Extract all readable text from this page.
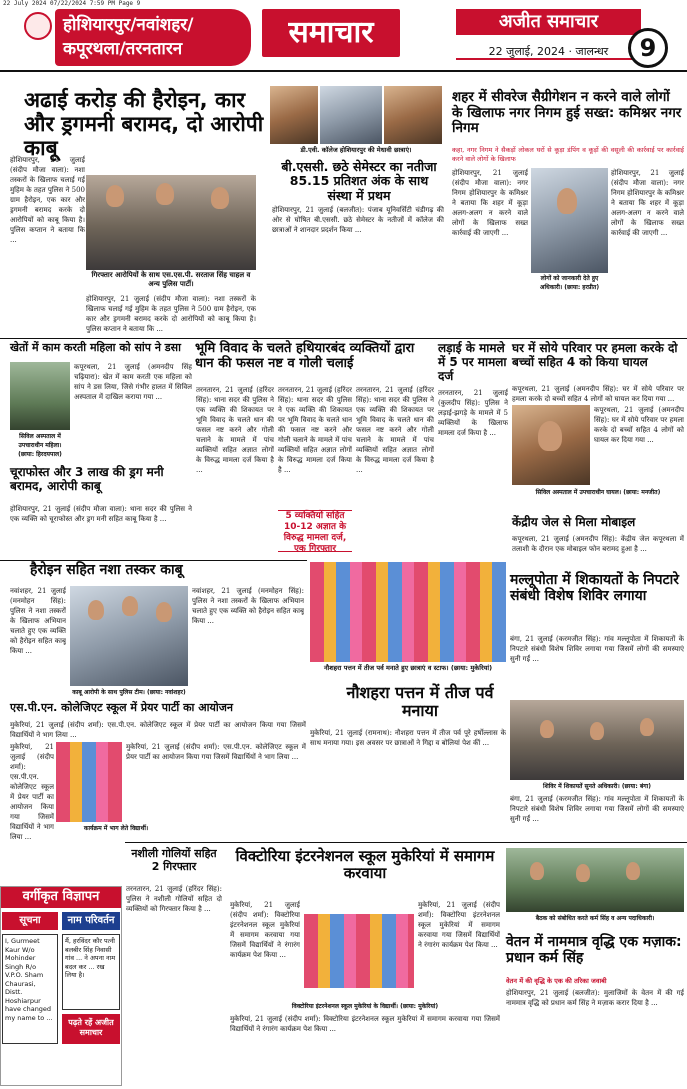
22 July 2024 07/22/2024 7:59 PM Page 9
होशियारपुर/नवांशहर/
कपूरथला/तरनतारन	समाचार	अजीत समाचार
22 जुलाई, 2024 · जालन्धर	9
अढाई करोड़ की हैरोइन, कार और ड्रगमनी बरामद, दो आरोपी काबू
होशियारपुर, 21 जुलाई (संदीप मौजा वाला): नशा तस्करों के खिलाफ चलाई गई मुहिम के तहत पुलिस ने 500 ग्राम हैरोइन, एक कार और ड्रगमनी बरामद करके दो आरोपियों को काबू किया है। पुलिस कप्तान ने बताया कि ...
गिरफ्तार आरोपियों के साथ एस.एस.पी. सरताज सिंह चाहल व अन्य पुलिस पार्टी।
होशियारपुर, 21 जुलाई (संदीप मौजा वाला): नशा तस्करों के खिलाफ चलाई गई मुहिम के तहत पुलिस ने 500 ग्राम हैरोइन, एक कार और ड्रगमनी बरामद करके दो आरोपियों को काबू किया है। पुलिस कप्तान ने बताया कि ...
डी.एवी. कॉलेज होशियारपुर की मेधावी छात्राएं।
बी.एससी. छठे सेमेस्टर का नतीजा 85.15 प्रतिशत अंक के साथ संस्था में प्रथम
होशियारपुर, 21 जुलाई (बलजीत): पंजाब यूनिवर्सिटी चंडीगढ़ की ओर से घोषित बी.एससी. छठे सेमेस्टर के नतीजों में कॉलेज की छात्राओं ने शानदार प्रदर्शन किया ...
शहर में सीवरेज सैग्रीगेशन न करने वाले लोगों के खिलाफ नगर निगम हुई सख्त: कमिश्नर नगर निगम
कहा, नगर निगम ने सैकड़ों लोकल घरों से कूड़ा डंपिंग व कूड़ों की वसूली की कार्रवाई पर कार्रवाई करने वाले लोगों के खिलाफ
होशियारपुर, 21 जुलाई (संदीप मौजा वाला): नगर निगम होशियारपुर के कमिश्नर ने बताया कि शहर में कूड़ा अलग-अलग न करने वाले लोगों के खिलाफ सख्त कार्रवाई की जाएगी ...
लोगों को जानकारी देते हुए अधिकारी। (छाया: हरप्रीत)
होशियारपुर, 21 जुलाई (संदीप मौजा वाला): नगर निगम होशियारपुर के कमिश्नर ने बताया कि शहर में कूड़ा अलग-अलग न करने वाले लोगों के खिलाफ सख्त कार्रवाई की जाएगी ...
खेतों में काम करती महिला को सांप ने डसा
सिविल अस्पताल में उपचाराधीन महिला। (छाया: हिरदयपाल)
कपूरथला, 21 जुलाई (अमनदीप सिंह चढ़ियारा): खेत में काम करती एक महिला को सांप ने डस लिया, जिसे गंभीर हालत में सिविल अस्पताल में दाखिल कराया गया ...
भूमि विवाद के चलते हथियारबंद व्यक्तियों द्वारा धान की फसल नष्ट व गोली चलाई
तरनतारन, 21 जुलाई (हरिंदर सिंह): थाना सदर की पुलिस ने एक व्यक्ति की शिकायत पर भूमि विवाद के चलते धान की फसल नष्ट करने और गोली चलाने के मामले में पांच व्यक्तियों सहित अज्ञात लोगों के विरुद्ध मामला दर्ज किया है ...
5 व्यक्तियों सहित 10-12 अज्ञात के विरुद्ध मामला दर्ज, एक गिरफ्तार
तरनतारन, 21 जुलाई (हरिंदर सिंह): थाना सदर की पुलिस ने एक व्यक्ति की शिकायत पर भूमि विवाद के चलते धान की फसल नष्ट करने और गोली चलाने के मामले में पांच व्यक्तियों सहित अज्ञात लोगों के विरुद्ध मामला दर्ज किया है ...
तरनतारन, 21 जुलाई (हरिंदर सिंह): थाना सदर की पुलिस ने एक व्यक्ति की शिकायत पर भूमि विवाद के चलते धान की फसल नष्ट करने और गोली चलाने के मामले में पांच व्यक्तियों सहित अज्ञात लोगों के विरुद्ध मामला दर्ज किया है ...
लड़ाई के मामले में 5 पर मामला दर्ज
तरनतारन, 21 जुलाई (कुलदीप सिंह): पुलिस ने लड़ाई-झगड़े के मामले में 5 व्यक्तियों के खिलाफ मामला दर्ज किया है ...
घर में सोये परिवार पर हमला करके दो बच्चों सहित 4 को किया घायल
कपूरथला, 21 जुलाई (अमनदीप सिंह): घर में सोये परिवार पर हमला करके दो बच्चों सहित 4 लोगों को घायल कर दिया गया ...
कपूरथला, 21 जुलाई (अमनदीप सिंह): घर में सोये परिवार पर हमला करके दो बच्चों सहित 4 लोगों को घायल कर दिया गया ...
सिविल अस्पताल में उपचाराधीन घायल। (छाया: मनजीत)
केंद्रीय जेल से मिला मोबाइल
कपूरथला, 21 जुलाई (अमनदीप सिंह): केंद्रीय जेल कपूरथला में तलाशी के दौरान एक मोबाइल फोन बरामद हुआ है ...
चूराफोस्त और 3 लाख की ड्रग मनी बरामद, आरोपी काबू
होशियारपुर, 21 जुलाई (संदीप मौजा वाला): थाना सदर की पुलिस ने एक व्यक्ति को चूराफोस्त और ड्रग मनी सहित काबू किया है ...
हैरोइन सहित नशा तस्कर काबू
नवांशहर, 21 जुलाई (मनमोहन सिंह): पुलिस ने नशा तस्करों के खिलाफ अभियान चलाते हुए एक व्यक्ति को हैरोइन सहित काबू किया ...
काबू आरोपी के साथ पुलिस टीम। (छाया: नवांशहर)
नवांशहर, 21 जुलाई (मनमोहन सिंह): पुलिस ने नशा तस्करों के खिलाफ अभियान चलाते हुए एक व्यक्ति को हैरोइन सहित काबू किया ...
एस.पी.एन. कोलेजिएट स्कूल में प्रेयर पार्टी का आयोजन
मुकेरियां, 21 जुलाई (संदीप शर्मा): एस.पी.एन. कोलेजिएट स्कूल में प्रेयर पार्टी का आयोजन किया गया जिसमें विद्यार्थियों ने भाग लिया ...
मुकेरियां, 21 जुलाई (संदीप शर्मा): एस.पी.एन. कोलेजिएट स्कूल में प्रेयर पार्टी का आयोजन किया गया जिसमें विद्यार्थियों ने भाग लिया ...
कार्यक्रम में भाग लेते विद्यार्थी।
मुकेरियां, 21 जुलाई (संदीप शर्मा): एस.पी.एन. कोलेजिएट स्कूल में प्रेयर पार्टी का आयोजन किया गया जिसमें विद्यार्थियों ने भाग लिया ...
नौशहरा पत्तन में तीज पर्व मनाते हुए छात्राएं व स्टाफ। (छाया: मुकेरियां)
नौशहरा पत्तन में तीज पर्व मनाया
मुकेरियां, 21 जुलाई (रामनाथ): नौशहरा पत्तन में तीज पर्व पूरे हर्षोल्लास के साथ मनाया गया। इस अवसर पर छात्राओं ने गिद्दा व बोलियां पेश कीं ...
मल्लूपोता में शिकायतों के निपटारे संबंधी विशेष शिविर लगाया
बंगा, 21 जुलाई (करमजीत सिंह): गांव मल्लूपोता में शिकायतों के निपटारे संबंधी विशेष शिविर लगाया गया जिसमें लोगों की समस्याएं सुनी गईं ...
शिविर में शिकायतें सुनते अधिकारी। (छाया: बंगा)
बंगा, 21 जुलाई (करमजीत सिंह): गांव मल्लूपोता में शिकायतों के निपटारे संबंधी विशेष शिविर लगाया गया जिसमें लोगों की समस्याएं सुनी गईं ...
वर्गीकृत विज्ञापन
सूचना	नाम परिवर्तन
I, Gurmeet Kaur W/o Mohinder Singh R/o V.P.O. Sham Chaurasi, Distt. Hoshiarpur have changed my name to ...
मैं, हरविंदर कौर पत्नी बलबीर सिंह निवासी गांव ... ने अपना नाम बदल कर ... रख लिया है।
पढ़ते रहें अजीत समाचार
नशीली गोलियों सहित 2 गिरफ्तार
तरनतारन, 21 जुलाई (हरिंदर सिंह): पुलिस ने नशीली गोलियों सहित दो व्यक्तियों को गिरफ्तार किया है ...
विक्टोरिया इंटरनेशनल स्कूल मुकेरियां में समागम करवाया
मुकेरियां, 21 जुलाई (संदीप शर्मा): विक्टोरिया इंटरनेशनल स्कूल मुकेरियां में समागम करवाया गया जिसमें विद्यार्थियों ने रंगारंग कार्यक्रम पेश किया ...
मुकेरियां, 21 जुलाई (संदीप शर्मा): विक्टोरिया इंटरनेशनल स्कूल मुकेरियां में समागम करवाया गया जिसमें विद्यार्थियों ने रंगारंग कार्यक्रम पेश किया ...
विक्टोरिया इंटरनेशनल स्कूल मुकेरियां के विद्यार्थी। (छाया: मुकेरियां)
मुकेरियां, 21 जुलाई (संदीप शर्मा): विक्टोरिया इंटरनेशनल स्कूल मुकेरियां में समागम करवाया गया जिसमें विद्यार्थियों ने रंगारंग कार्यक्रम पेश किया ...
बैठक को संबोधित करते कर्म सिंह व अन्य पदाधिकारी।
वेतन में नाममात्र वृद्धि एक मज़ाक: प्रधान कर्म सिंह
वेतन में की वृद्धि के एक की तरिका जवाबी
होशियारपुर, 21 जुलाई (बलजीत): मुलाजिमों के वेतन में की गई नाममात्र वृद्धि को प्रधान कर्म सिंह ने मज़ाक करार दिया है ...
